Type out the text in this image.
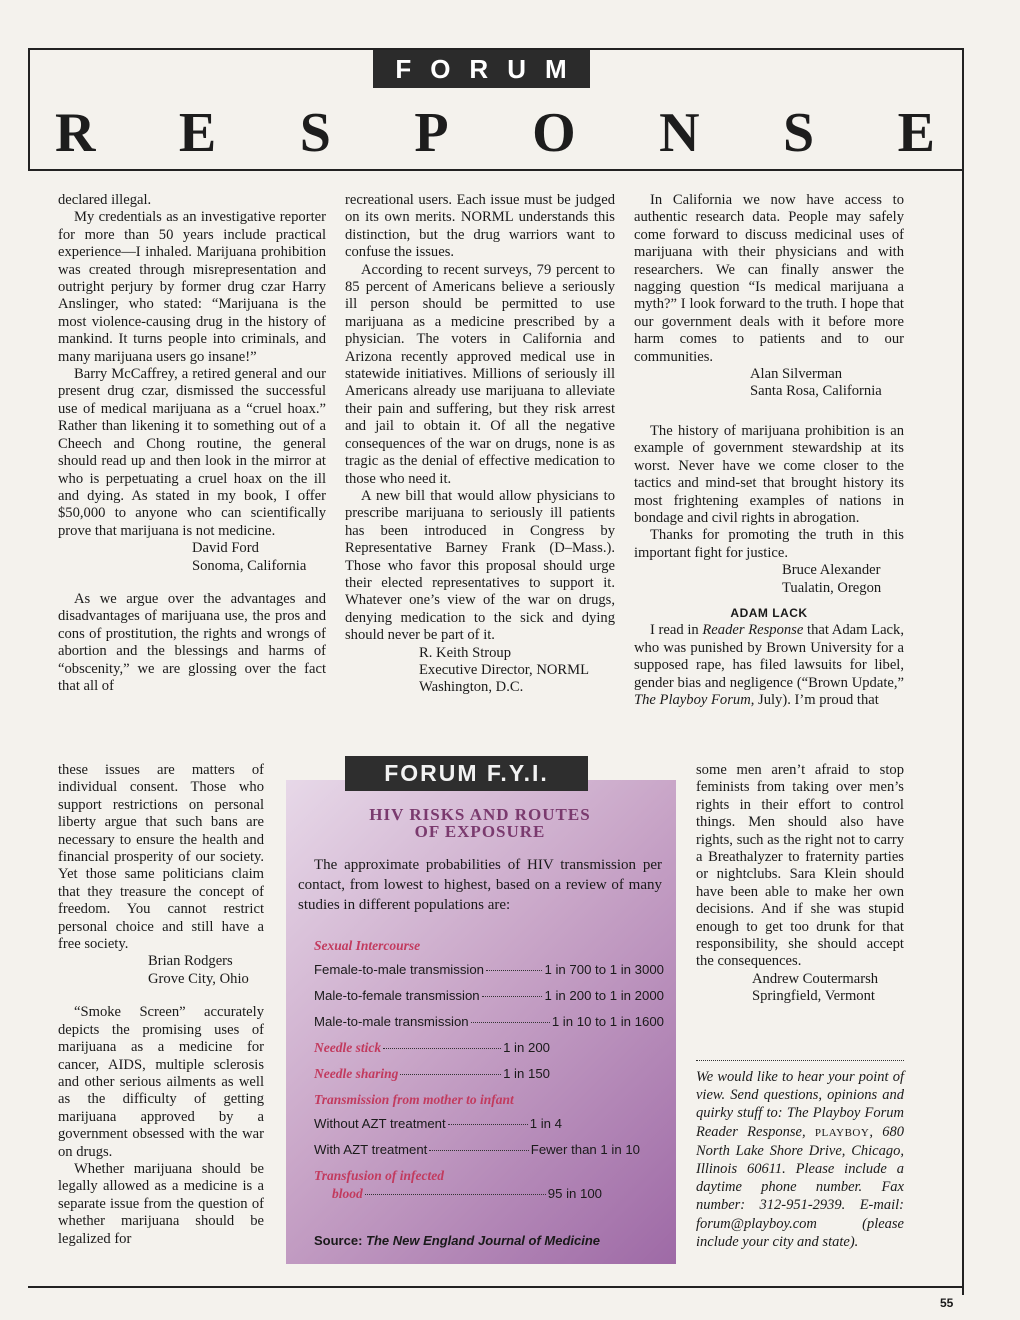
FORUM
R E S P O N S E

declared illegal.

My credentials as an investigative reporter for more than 50 years include practical experience—I inhaled. Marijuana prohibition was created through misrepresentation and outright perjury by former drug czar Harry Anslinger, who stated: “Marijuana is the most violence-causing drug in the history of mankind. It turns people into criminals, and many marijuana users go insane!”

Barry McCaffrey, a retired general and our present drug czar, dismissed the successful use of medical marijuana as a “cruel hoax.” Rather than likening it to something out of a Cheech and Chong routine, the general should read up and then look in the mirror at who is perpetuating a cruel hoax on the ill and dying. As stated in my book, I offer $50,000 to anyone who can scientifically prove that marijuana is not medicine.

David Ford
Sonoma, California

As we argue over the advantages and disadvantages of marijuana use, the pros and cons of prostitution, the rights and wrongs of abortion and the blessings and harms of “obscenity,” we are glossing over the fact that all of

these issues are matters of individual consent. Those who support restrictions on personal liberty argue that such bans are necessary to ensure the health and financial prosperity of our society. Yet those same politicians claim that they treasure the concept of freedom. You cannot restrict personal choice and still have a free society.

Brian Rodgers
Grove City, Ohio

“Smoke Screen” accurately depicts the promising uses of marijuana as a medicine for cancer, AIDS, multiple sclerosis and other serious ailments as well as the difficulty of getting marijuana approved by a government obsessed with the war on drugs.

Whether marijuana should be legally allowed as a medicine is a separate issue from the question of whether marijuana should be legalized for

recreational users. Each issue must be judged on its own merits. NORML understands this distinction, but the drug warriors want to confuse the issues.

According to recent surveys, 79 percent to 85 percent of Americans believe a seriously ill person should be permitted to use marijuana as a medicine prescribed by a physician. The voters in California and Arizona recently approved medical use in statewide initiatives. Millions of seriously ill Americans already use marijuana to alleviate their pain and suffering, but they risk arrest and jail to obtain it. Of all the negative consequences of the war on drugs, none is as tragic as the denial of effective medication to those who need it.

A new bill that would allow physicians to prescribe marijuana to seriously ill patients has been introduced in Congress by Representative Barney Frank (D–Mass.). Those who favor this proposal should urge their elected representatives to support it. Whatever one’s view of the war on drugs, denying medication to the sick and dying should never be part of it.

R. Keith Stroup
Executive Director, NORML
Washington, D.C.

In California we now have access to authentic research data. People may safely come forward to discuss medicinal uses of marijuana with their physicians and with researchers. We can finally answer the nagging question “Is medical marijuana a myth?” I look forward to the truth. I hope that our government deals with it before more harm comes to patients and to our communities.

Alan Silverman
Santa Rosa, California

The history of marijuana prohibition is an example of government stewardship at its worst. Never have we come closer to the tactics and mind-set that brought history its most frightening examples of nations in bondage and civil rights in abrogation.

Thanks for promoting the truth in this important fight for justice.

Bruce Alexander
Tualatin, Oregon
ADAM LACK

I read in Reader Response that Adam Lack, who was punished by Brown University for a supposed rape, has filed lawsuits for libel, gender bias and negligence (“Brown Update,” The Playboy Forum, July). I’m proud that

some men aren’t afraid to stop feminists from taking over men’s rights in their effort to control things. Men should also have rights, such as the right not to carry a Breathalyzer to fraternity parties or nightclubs. Sara Klein should have been able to make her own decisions. And if she was stupid enough to get too drunk for that responsibility, she should accept the consequences.

Andrew Coutermarsh
Springfield, Vermont
FORUM F.Y.I.
HIV RISKS AND ROUTES
OF EXPOSURE
The approximate probabilities of HIV transmission per contact, from lowest to highest, based on a review of many studies in different populations are:
Sexual Intercourse
Female-to-male transmission	1 in 700 to 1 in 3000
Male-to-female transmission	1 in 200 to 1 in 2000
Male-to-male transmission	1 in 10 to 1 in 1600
Needle stick	1 in 200
Needle sharing	1 in 150
Transmission from mother to infant
Without AZT treatment	1 in 4
With AZT treatment	Fewer than 1 in 10
Transfusion of infected
blood	95 in 100
Source: The New England Journal of Medicine
We would like to hear your point of view. Send questions, opinions and quirky stuff to: The Playboy Forum Reader Response, PLAYBOY, 680 North Lake Shore Drive, Chicago, Illinois 60611. Please include a daytime phone number. Fax number: 312-951-2939. E-mail: forum@playboy.com (please include your city and state).
55
